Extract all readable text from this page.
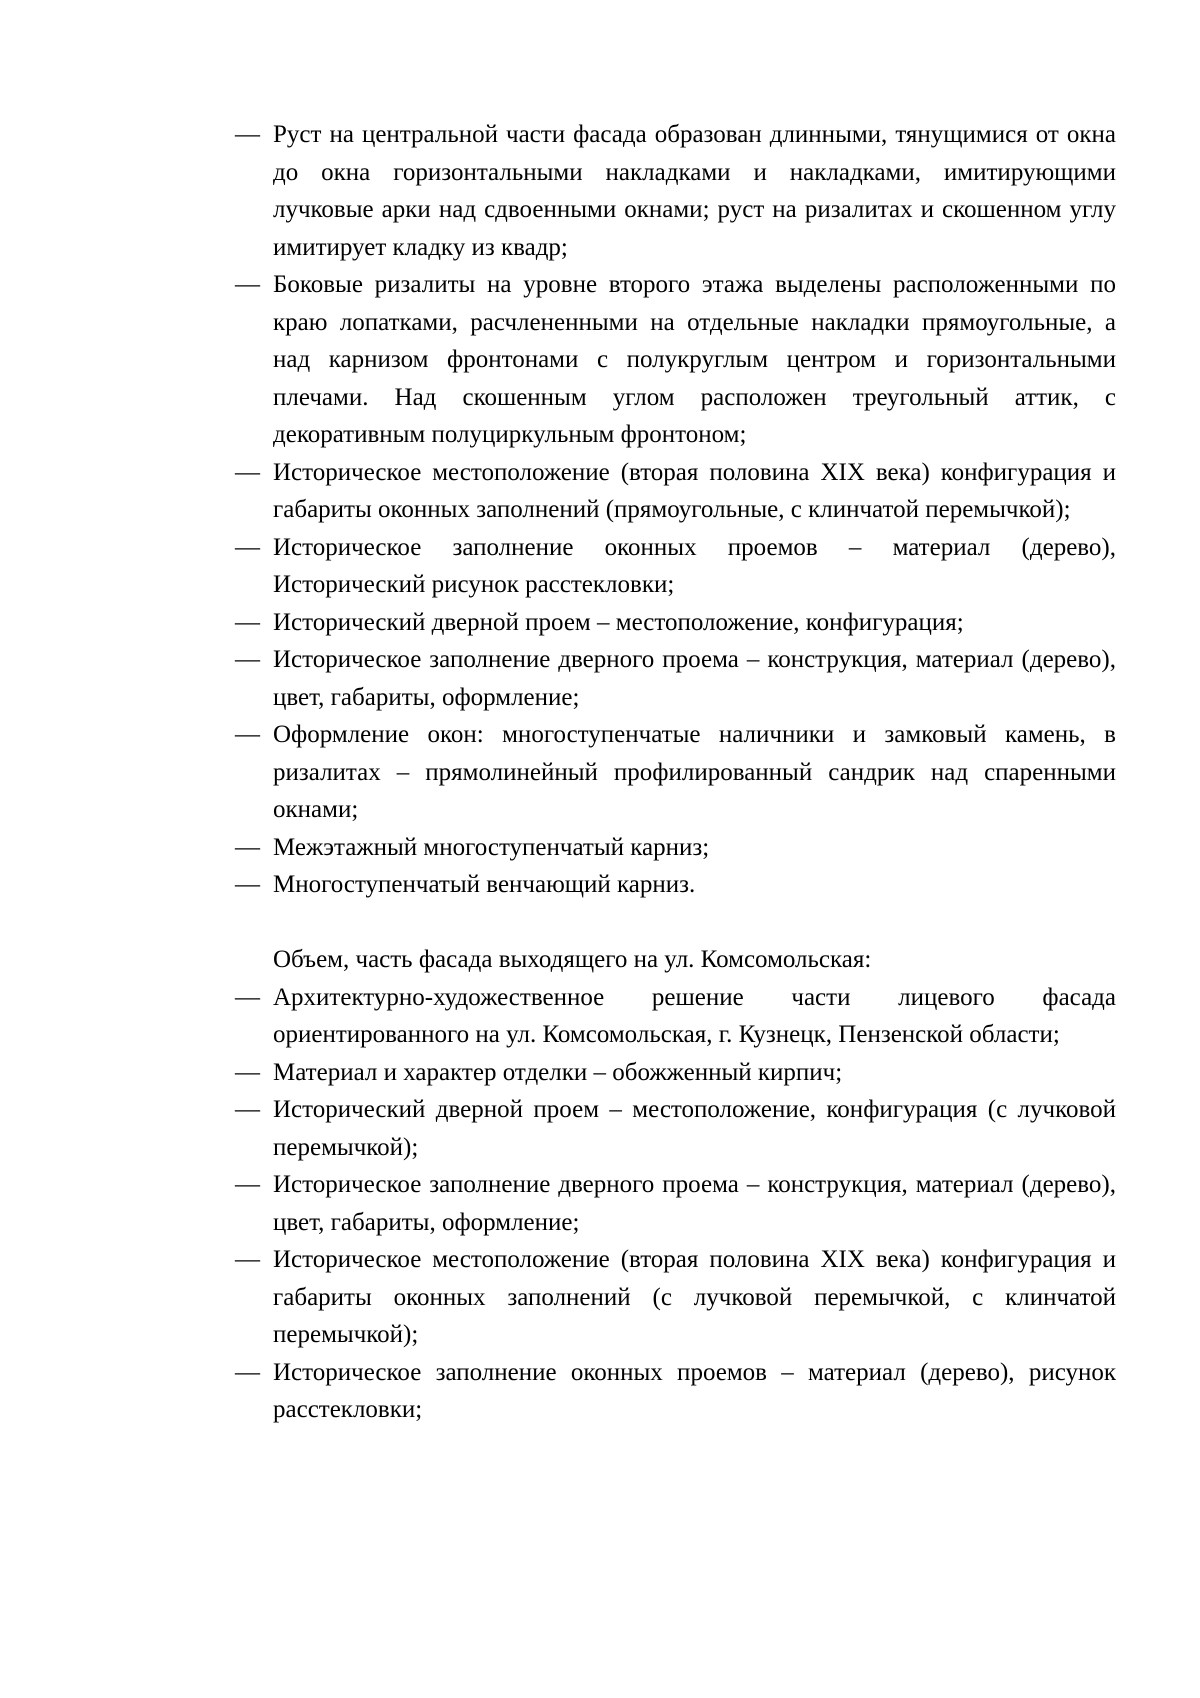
— Руст на центральной части фасада образован длинными, тянущимися от окна до окна горизонтальными накладками и накладками, имитирующими лучковые арки над сдвоенными окнами; руст на ризалитах и скошенном углу имитирует кладку из квадр;
— Боковые ризалиты на уровне второго этажа выделены расположенными по краю лопатками, расчлененными на отдельные накладки прямоугольные, а над карнизом фронтонами с полукруглым центром и горизонтальными плечами. Над скошенным углом расположен треугольный аттик, с декоративным полуциркульным фронтоном;
— Историческое местоположение (вторая половина XIX века) конфигурация и габариты оконных заполнений (прямоугольные, с клинчатой перемычкой);
— Историческое заполнение оконных проемов – материал (дерево), Исторический рисунок расстекловки;
— Исторический дверной проем – местоположение, конфигурация;
— Историческое заполнение дверного проема – конструкция, материал (дерево), цвет, габариты, оформление;
— Оформление окон: многоступенчатые наличники и замковый камень, в ризалитах – прямолинейный профилированный сандрик над спаренными окнами;
— Межэтажный многоступенчатый карниз;
— Многоступенчатый венчающий карниз.

Объем, часть фасада выходящего на ул. Комсомольская:

— Архитектурно-художественное решение части лицевого фасада ориентированного на ул. Комсомольская, г. Кузнецк, Пензенской области;
— Материал и характер отделки – обожженный кирпич;
— Исторический дверной проем – местоположение, конфигурация (с лучковой перемычкой);
— Историческое заполнение дверного проема – конструкция, материал (дерево), цвет, габариты, оформление;
— Историческое местоположение (вторая половина XIX века) конфигурация и габариты оконных заполнений (с лучковой перемычкой, с клинчатой перемычкой);
— Историческое заполнение оконных проемов – материал (дерево), рисунок расстекловки;
